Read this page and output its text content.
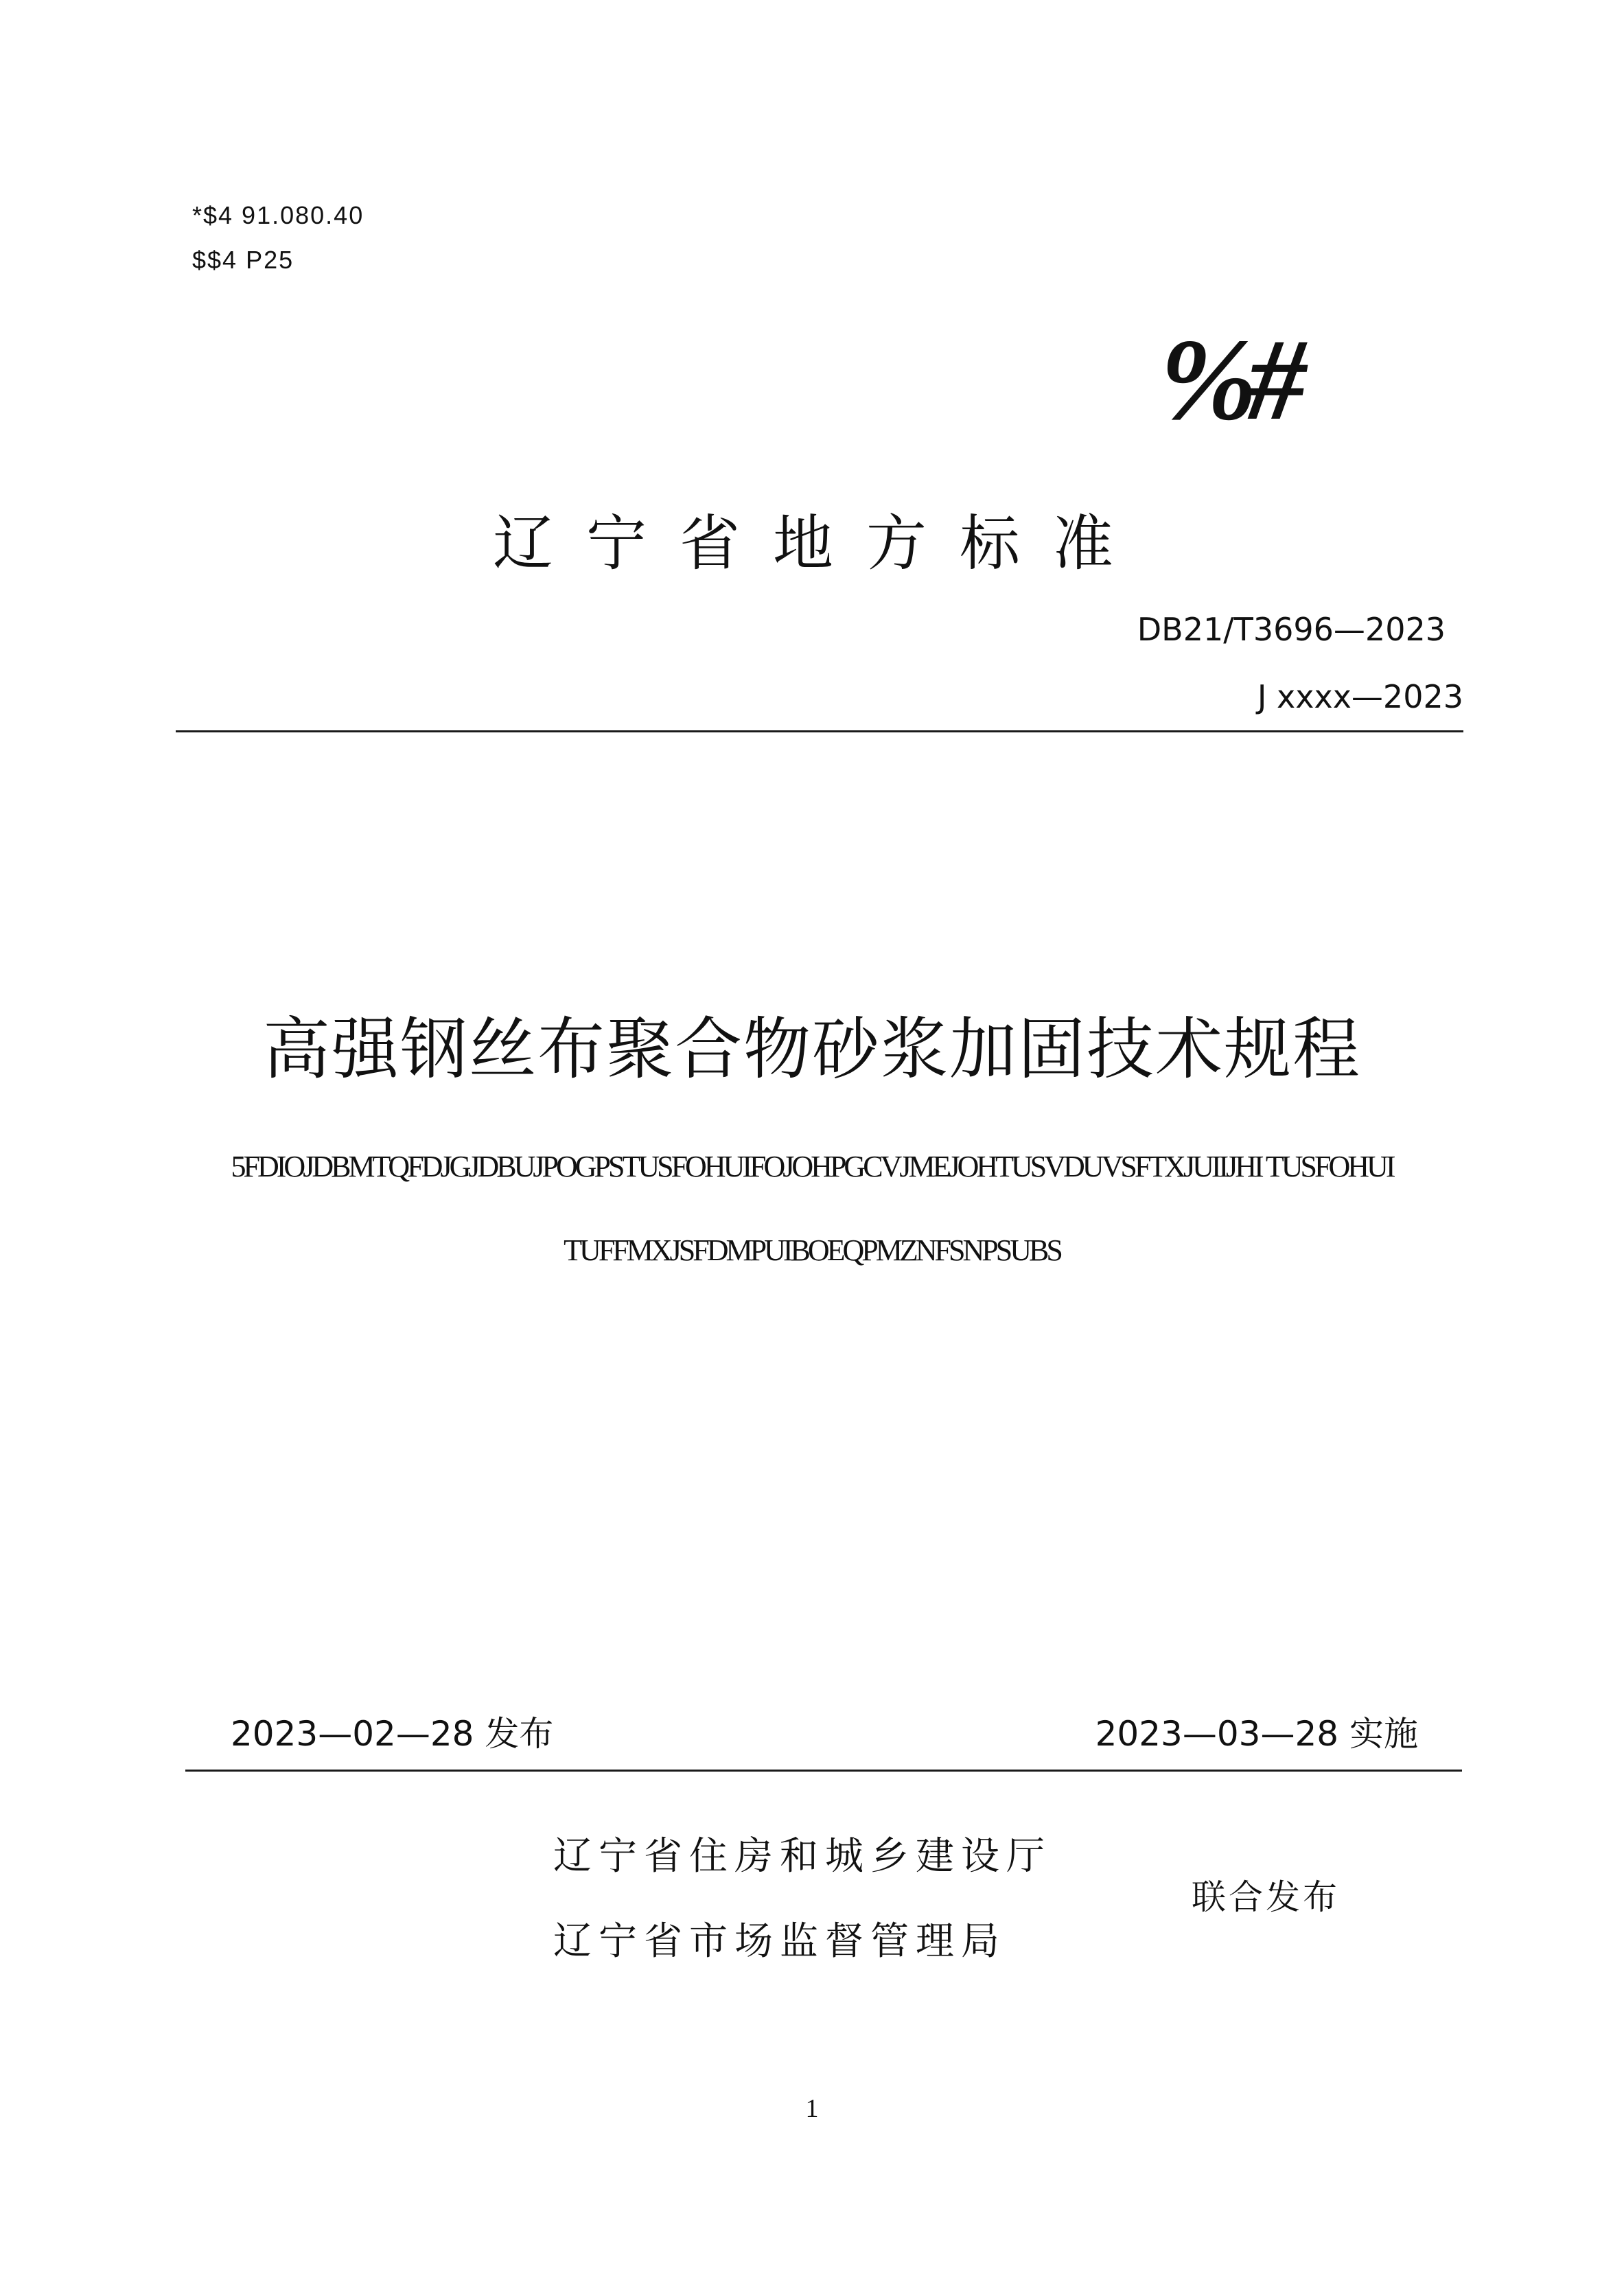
*$4 91.080.40
$$4 P25
%#
辽宁省地方标准
DB21/T3696—2023
J xxxx—2023
高强钢丝布聚合物砂浆加固技术规程
5FDIOJDBMTQFDJGJDBUJPOGPSTUSFOHUIFOJOHPGCVJMEJOHTUSVDUVSFTXJUIIJHI TUSFOHUI
TUFFMXJSFDMPUIBOEQPMZNFSNPSUBS
2023—02—28 发布	2023—03—28 实施
辽宁省住房和城乡建设厅
辽宁省市场监督管理局
联合发布
1
